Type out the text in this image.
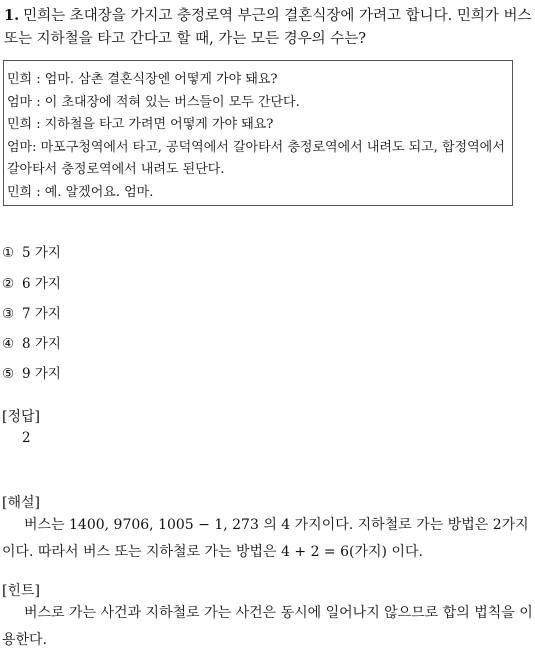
1. 민희는 초대장을 가지고 충정로역 부근의 결혼식장에 가려고 합니다. 민희가 버스 또는 지하철을 타고 간다고 할 때, 가는 모든 경우의 수는?
민희 : 엄마. 삼촌 결혼식장엔 어떻게 가야 돼요?
엄마 : 이 초대장에 적혀 있는 버스들이 모두 간단다.
민희 : 지하철을 타고 가려면 어떻게 가야 돼요?
엄마: 마포구청역에서 타고, 공덕역에서 갈아타서 충정로역에서 내려도 되고, 합정역에서 갈아타서 충정로역에서 내려도 된단다.
민희 : 예. 알겠어요. 엄마.
① 5 가지
② 6 가지
③ 7 가지
④ 8 가지
⑤ 9 가지
[정답]
2
[해설]
버스는 1400, 9706, 1005 − 1, 273 의 4 가지이다. 지하철로 가는 방법은 2가지이다. 따라서 버스 또는 지하철로 가는 방법은 4 + 2 = 6(가지) 이다.
[힌트]
버스로 가는 사건과 지하철로 가는 사건은 동시에 일어나지 않으므로 합의 법칙을 이용한다.
